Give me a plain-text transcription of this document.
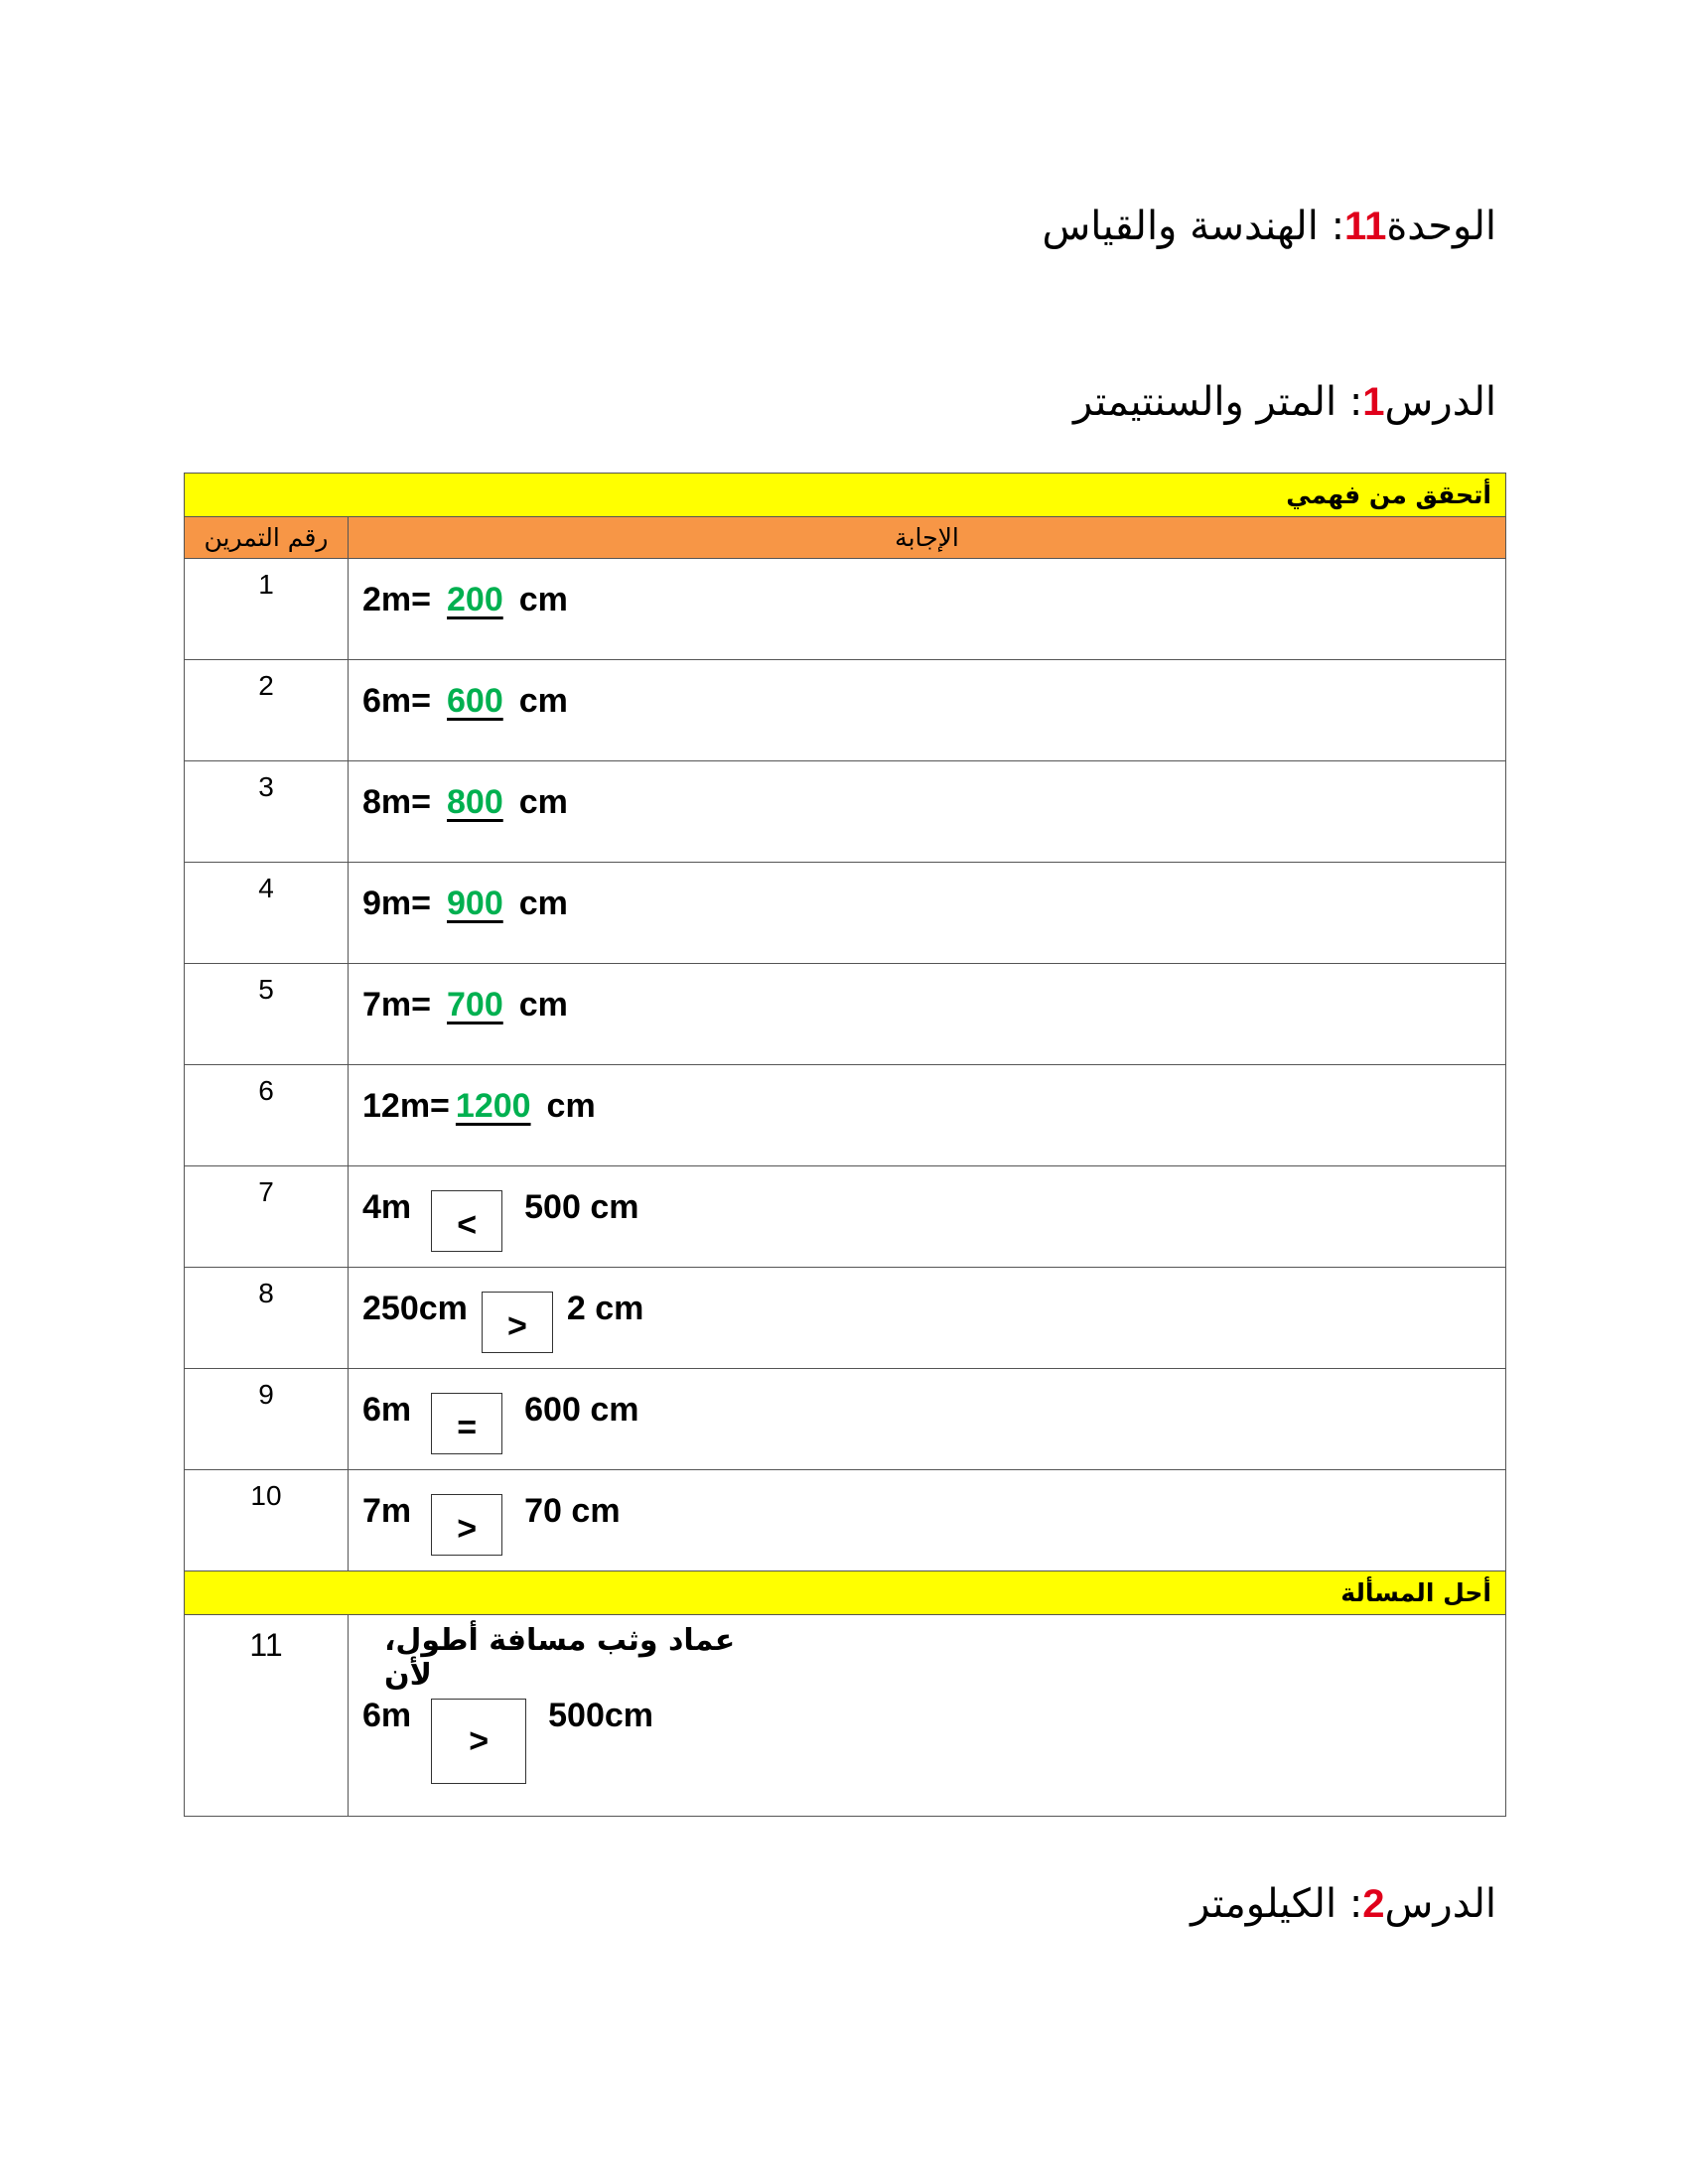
الوحدة11: الهندسة والقياس
الدرس1: المتر والسنتيمتر
أتحقق من فهمي	
رقم التمرين	الإجابة
1	2m= 200 cm

2	6m= 600 cm

3	8m= 800 cm

4	9m= 900 cm

5	7m= 700 cm

6	12m= 1200 cm

7	4m < 500 cm

8	250cm > 2 cm

9	6m = 600 cm

10	7m > 70 cm

أحل المسألة	
11	عماد وثب مسافة أطول، لأن
6m
>
500cm
الدرس2: الكيلومتر
